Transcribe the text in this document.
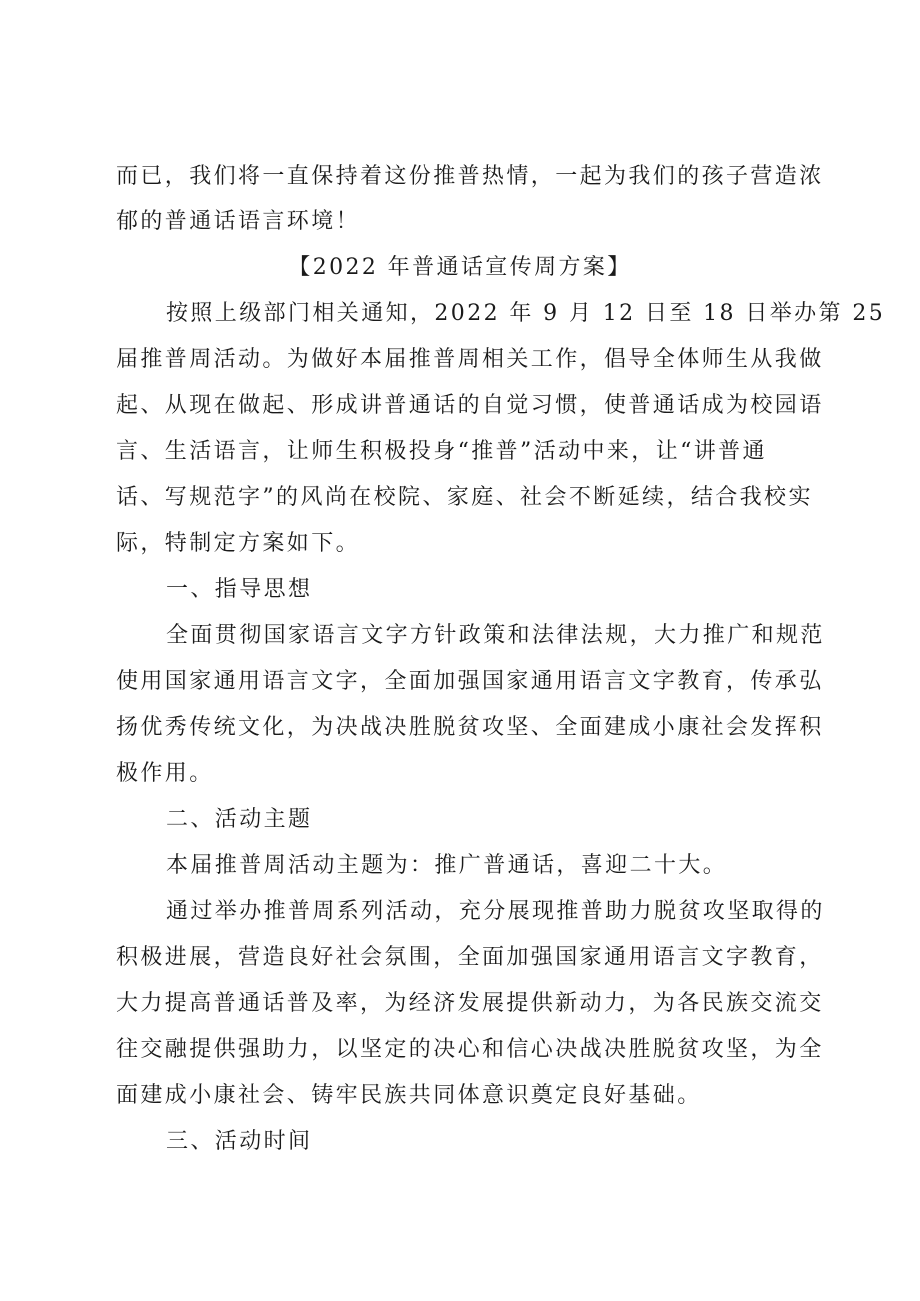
而已，我们将一直保持着这份推普热情，一起为我们的孩子营造浓
郁的普通话语言环境！
【2022 年普通话宣传周方案】
按照上级部门相关通知，2022 年 9 月 12 日至 18 日举办第 25
届推普周活动。为做好本届推普周相关工作，倡导全体师生从我做
起、从现在做起、形成讲普通话的自觉习惯，使普通话成为校园语
言、生活语言，让师生积极投身“推普”活动中来，让“讲普通
话、写规范字”的风尚在校院、家庭、社会不断延续，结合我校实
际，特制定方案如下。
一、指导思想
全面贯彻国家语言文字方针政策和法律法规，大力推广和规范
使用国家通用语言文字，全面加强国家通用语言文字教育，传承弘
扬优秀传统文化，为决战决胜脱贫攻坚、全面建成小康社会发挥积
极作用。
二、活动主题
本届推普周活动主题为：推广普通话，喜迎二十大。
通过举办推普周系列活动，充分展现推普助力脱贫攻坚取得的
积极进展，营造良好社会氛围，全面加强国家通用语言文字教育，
大力提高普通话普及率，为经济发展提供新动力，为各民族交流交
往交融提供强助力，以坚定的决心和信心决战决胜脱贫攻坚，为全
面建成小康社会、铸牢民族共同体意识奠定良好基础。
三、活动时间
